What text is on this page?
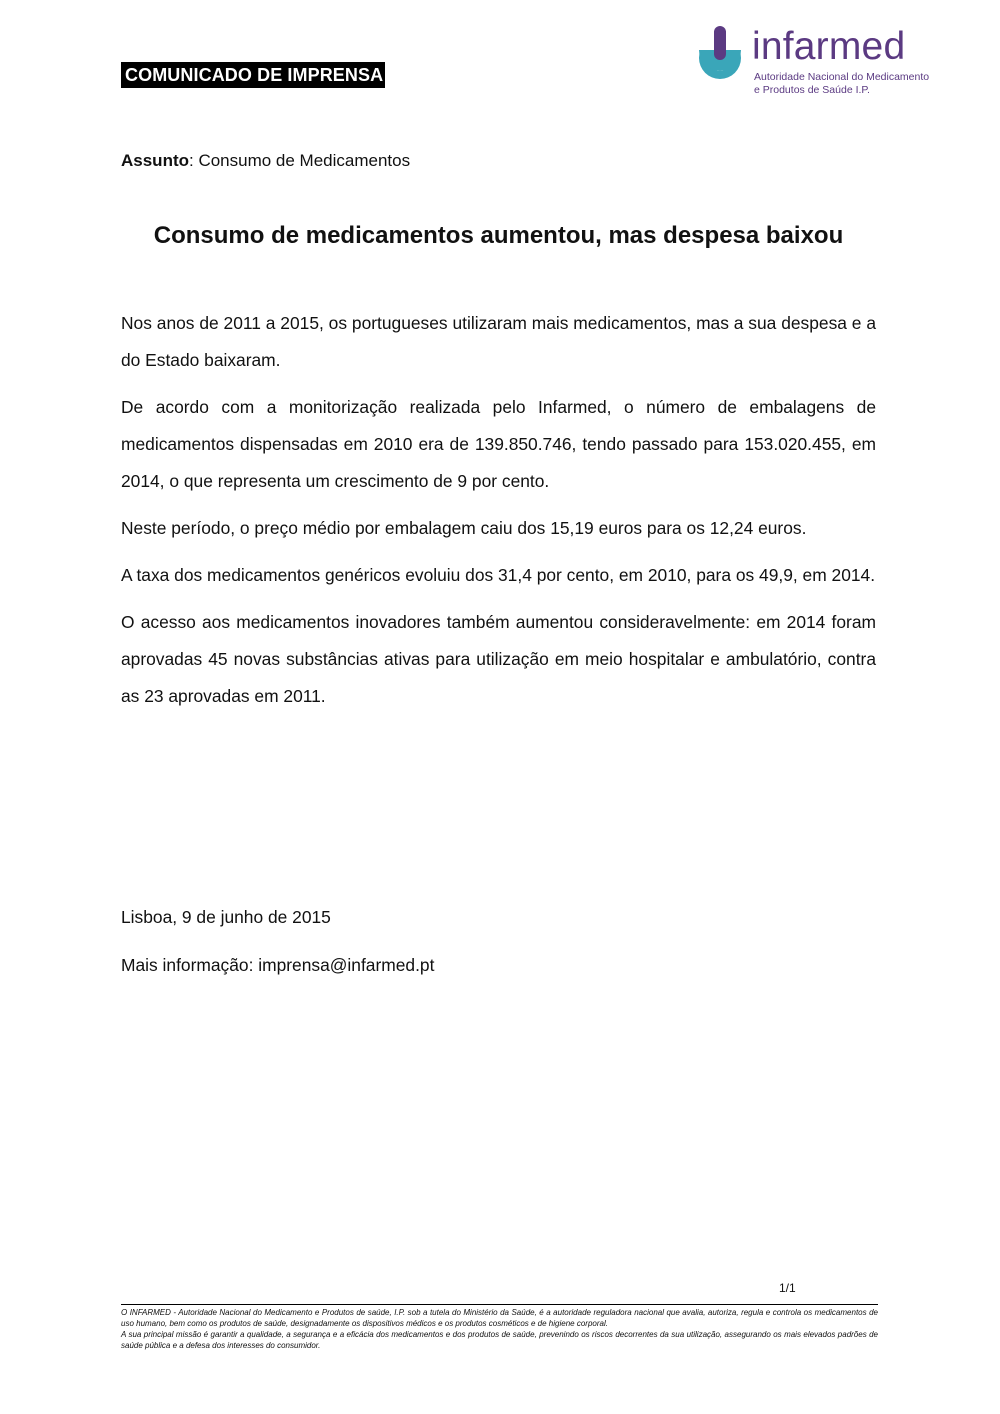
COMUNICADO DE IMPRENSA
infarmed
Autoridade Nacional do Medicamento
e Produtos de Saúde I.P.
Assunto: Consumo de Medicamentos
Consumo de medicamentos aumentou, mas despesa baixou

Nos anos de 2011 a 2015, os portugueses utilizaram mais medicamentos, mas a sua despesa e a do Estado baixaram.

De acordo com a monitorização realizada pelo Infarmed, o número de embalagens de medicamentos dispensadas em 2010 era de 139.850.746, tendo passado para 153.020.455, em 2014, o que representa um crescimento de 9 por cento.

Neste período, o preço médio por embalagem caiu dos 15,19 euros para os 12,24 euros.

A taxa dos medicamentos genéricos evoluiu dos 31,4 por cento, em 2010, para os 49,9, em 2014.

O acesso aos medicamentos inovadores também aumentou consideravelmente: em 2014 foram aprovadas 45 novas substâncias ativas para utilização em meio hospitalar e ambulatório, contra as 23 aprovadas em 2011.

Lisboa, 9 de junho de 2015
Mais informação: imprensa@infarmed.pt
1/1

O INFARMED - Autoridade Nacional do Medicamento e Produtos de saúde, I.P. sob a tutela do Ministério da Saúde, é a autoridade reguladora nacional que avalia, autoriza, regula e controla os medicamentos de uso humano, bem como os produtos de saúde, designadamente os dispositivos médicos e os produtos cosméticos e de higiene corporal.

A sua principal missão é garantir a qualidade, a segurança e a eficácia dos medicamentos e dos produtos de saúde, prevenindo os riscos decorrentes da sua utilização, assegurando os mais elevados padrões de saúde pública e a defesa dos interesses do consumidor.
